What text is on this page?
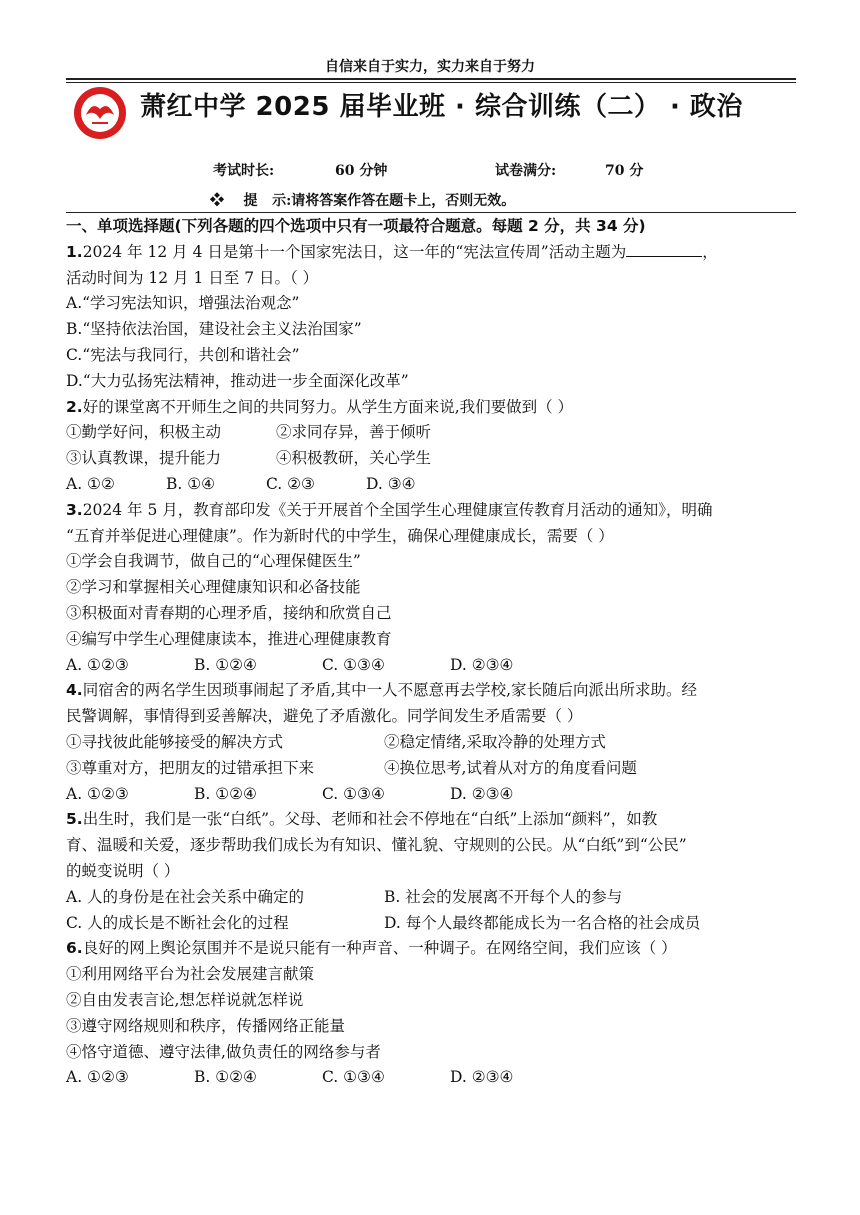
自信来自于实力，实力来自于努力
萧红中学 2025 届毕业班 · 综合训练（二） · 政治
考试时长:	60 分钟	试卷满分:	70 分
❖ 提   示:请将答案作答在题卡上，否则无效。

一、单项选择题(下列各题的四个选项中只有一项最符合题意。每题 2 分，共 34 分)

1.2024 年 12 月 4 日是第十一个国家宪法日，这一年的“宪法宣传周”活动主题为	，

活动时间为 12 月 1 日至 7 日。（ ）

A.“学习宪法知识，增强法治观念”

B.“坚持依法治国，建设社会主义法治国家”

C.“宪法与我同行，共创和谐社会”

D.“大力弘扬宪法精神，推动进一步全面深化改革”

2.好的课堂离不开师生之间的共同努力。从学生方面来说,我们要做到（ ）

①勤学好问，积极主动	②求同存异，善于倾听
③认真教课，提升能力	④积极教研，关心学生

A. ①②	B. ①④	C. ②③	D. ③④

3.2024 年 5 月，教育部印发《关于开展首个全国学生心理健康宣传教育月活动的通知》，明确

“五育并举促进心理健康”。作为新时代的中学生，确保心理健康成长，需要（ ）

①学会自我调节，做自己的“心理保健医生”

②学习和掌握相关心理健康知识和必备技能

③积极面对青春期的心理矛盾，接纳和欣赏自己

④编写中学生心理健康读本，推进心理健康教育

A. ①②③	B. ①②④	C. ①③④	D. ②③④

4.同宿舍的两名学生因琐事闹起了矛盾,其中一人不愿意再去学校,家长随后向派出所求助。经

民警调解，事情得到妥善解决，避免了矛盾激化。同学间发生矛盾需要（ ）

①寻找彼此能够接受的解决方式	②稳定情绪,采取冷静的处理方式
③尊重对方，把朋友的过错承担下来	④换位思考,试着从对方的角度看问题

A. ①②③	B. ①②④	C. ①③④	D. ②③④

5.出生时，我们是一张“白纸”。父母、老师和社会不停地在“白纸”上添加“颜料”，如教

育、温暖和关爱，逐步帮助我们成长为有知识、懂礼貌、守规则的公民。从“白纸”到“公民”

的蜕变说明（ ）

A. 人的身份是在社会关系中确定的	B. 社会的发展离不开每个人的参与
C. 人的成长是不断社会化的过程	D. 每个人最终都能成长为一名合格的社会成员

6.良好的网上舆论氛围并不是说只能有一种声音、一种调子。在网络空间，我们应该（ ）

①利用网络平台为社会发展建言献策

②自由发表言论,想怎样说就怎样说

③遵守网络规则和秩序，传播网络正能量

④恪守道德、遵守法律,做负责任的网络参与者

A. ①②③	B. ①②④	C. ①③④	D. ②③④
